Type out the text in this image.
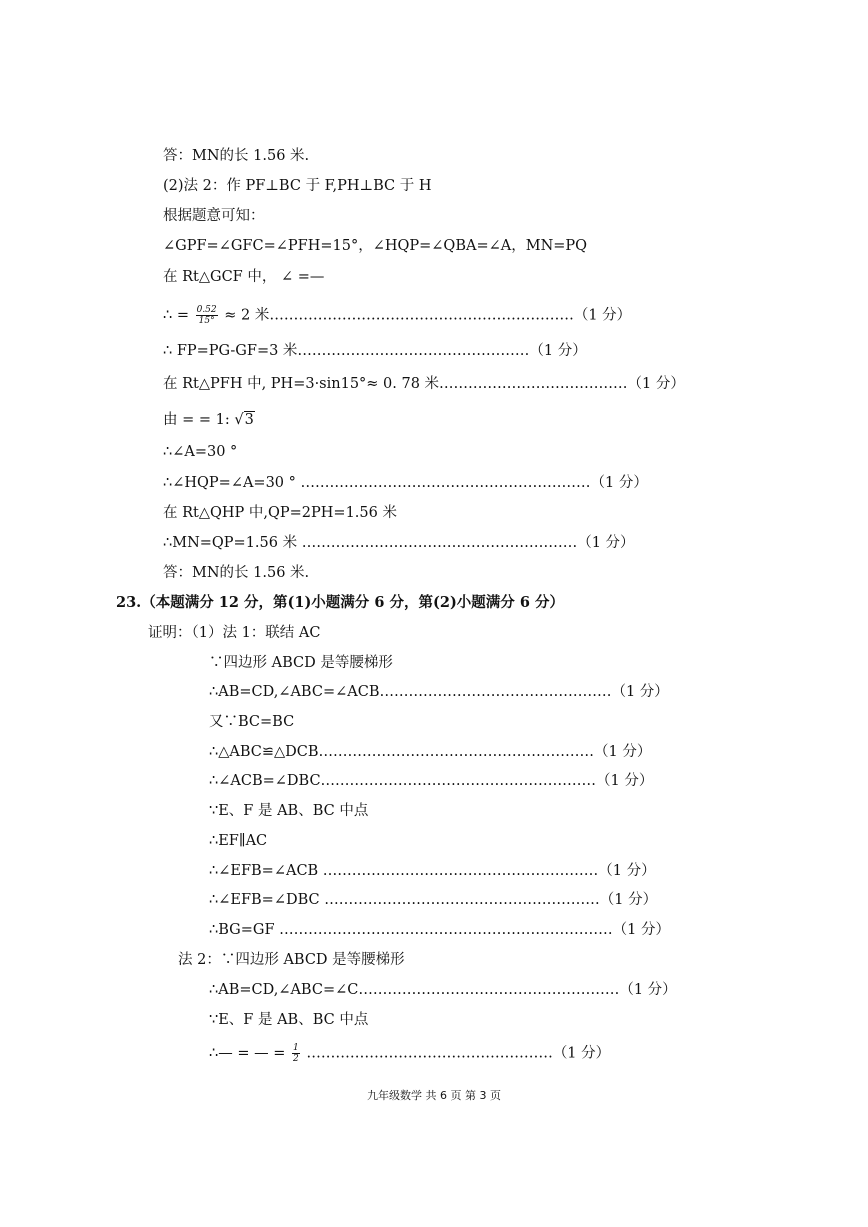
答：MN的长 1.56 米.
(2)法 2：作 PF⊥BC 于 F,PH⊥BC 于 H
根据题意可知：
∠GPF=∠GFC=∠PFH=15°，∠HQP=∠QBA=∠A，MN=PQ
在 Rt△GCF 中， ∠ =—
∴ = $\frac{0.52}{15^\circ} \approx 2$ 米………………………………………………………（1 分）
∴ FP=PG-GF=3 米…………………………………………（1 分）
在 Rt△PFH 中, PH=3·sin15°≈ 0. 78 米…………………………………（1 分）
由 = = 1: √3
∴∠A=30 °
∴∠HQP=∠A=30 ° ……………………………………………………（1 分）
在 Rt△QHP 中,QP=2PH=1.56 米
∴MN=QP=1.56 米 …………………………………………………（1 分）
答：MN的长 1.56 米.
23.（本题满分 12 分，第(1)小题满分 6 分，第(2)小题满分 6 分）
证明：（1）法 1：联结 AC
∵四边形 ABCD 是等腰梯形
∴AB=CD,∠ABC=∠ACB…………………………………………（1 分）
又∵BC=BC
∴△ABC≌△DCB…………………………………………………（1 分）
∴∠ACB=∠DBC…………………………………………………（1 分）
∵E、F 是 AB、BC 中点
∴EF∥AC
∴∠EFB=∠ACB …………………………………………………（1 分）
∴∠EFB=∠DBC …………………………………………………（1 分）
∴BG=GF ……………………………………………………………（1 分）
法 2：∵四边形 ABCD 是等腰梯形
∴AB=CD,∠ABC=∠C………………………………………………（1 分）
∵E、F 是 AB、BC 中点
∴— = — = $\frac{1}{2}$ ……………………………………………（1 分）
九年级数学 共 6 页 第 3 页
